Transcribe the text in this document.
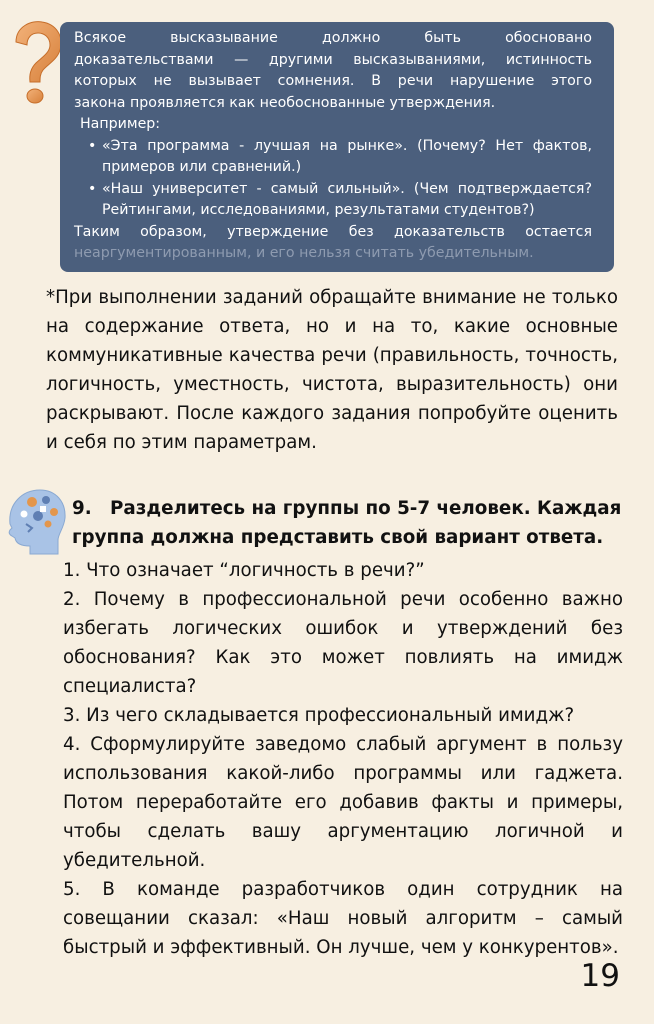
Всякое высказывание должно быть обосновано

доказательствами — другими высказываниями, истинность

которых не вызывает сомнения. В речи нарушение этого

закона проявляется как необоснованные утверждения.

Например:

• «Эта программа - лучшая на рынке». (Почему? Нет фактов, примеров или сравнений.)
• «Наш университет - самый сильный». (Чем подтверждается? Рейтингами, исследованиями, результатами студентов?)

Таким образом, утверждение без доказательств остается

неаргументированным, и его нельзя считать убедительным.

*При выполнении заданий обращайте внимание не только на содержание ответа, но и на то, какие основные коммуникативные качества речи (правильность, точность, логичность, уместность, чистота, выразительность) они раскрывают. После каждого задания попробуйте оценить и себя по этим параметрам.

9. Разделитесь на группы по 5-7 человек. Каждая группа должна представить свой вариант ответа.

1. Что означает “логичность в речи?”

2. Почему в профессиональной речи особенно важно избегать логических ошибок и утверждений без обоснования? Как это может повлиять на имидж специалиста?

3. Из чего складывается профессиональный имидж?

4. Сформулируйте заведомо слабый аргумент в пользу использования какой-либо программы или гаджета. Потом переработайте его добавив факты и примеры, чтобы сделать вашу аргументацию логичной и убедительной.

5. В команде разработчиков один сотрудник на совещании сказал: «Наш новый алгоритм – самый быстрый и эффективный. Он лучше, чем у конкурентов».

19
